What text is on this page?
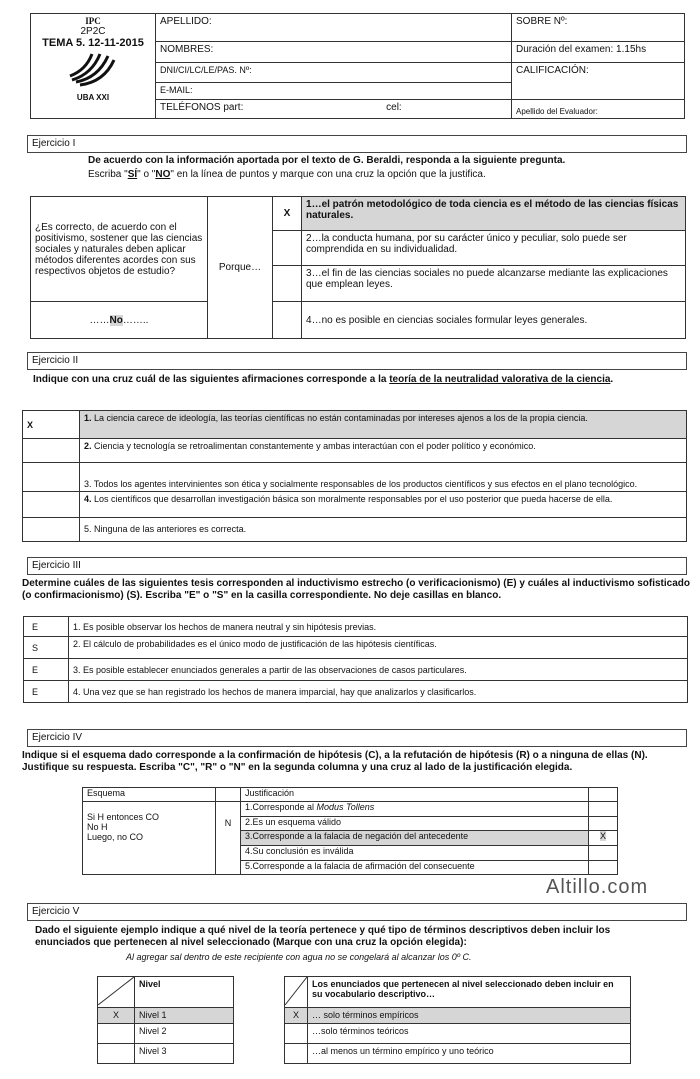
IPC
2P2C
TEMA 5. 12-11-2015
UBA XXI	APELLIDO:	SOBRE Nº:
	NOMBRES:	Duración del examen: 1.15hs
	DNI/CI/LC/LE/PAS. Nº:	CALIFICACIÓN:
	E-MAIL:	
	TELÉFONOS part: cel:	Apellido del Evaluador:
Ejercicio I
De acuerdo con la información aportada por el texto de G. Beraldi, responda a la siguiente pregunta.
Escriba "SÍ" o "NO" en la línea de puntos y marque con una cruz la opción que la justifica.
¿Es correcto, de acuerdo con el positivismo, sostener que las ciencias sociales y naturales deben aplicar métodos diferentes acordes con sus respectivos objetos de estudio?	Porque…	X	1…el patrón metodológico de toda ciencia es el método de las ciencias físicas naturales.
			2…la conducta humana, por su carácter único y peculiar, solo puede ser comprendida en su individualidad.
			3…el fin de las ciencias sociales no puede alcanzarse mediante las explicaciones que emplean leyes.
……No……..			4…no es posible en ciencias sociales formular leyes generales.
Ejercicio II
Indique con una cruz cuál de las siguientes afirmaciones corresponde a la teoría de la neutralidad valorativa de la ciencia.
X	1. La ciencia carece de ideología, las teorías científicas no están contaminadas por intereses ajenos a los de la propia ciencia.
	2. Ciencia y tecnología se retroalimentan constantemente y ambas interactúan con el poder político y económico.
	3. Todos los agentes intervinientes son ética y socialmente responsables de los productos científicos y sus efectos en el plano tecnológico.
	4. Los científicos que desarrollan investigación básica son moralmente responsables por el uso posterior que pueda hacerse de ella.
	5. Ninguna de las anteriores es correcta.
Ejercicio III
Determine cuáles de las siguientes tesis corresponden al inductivismo estrecho (o verificacionismo) (E) y cuáles al inductivismo sofisticado (o confirmacionismo) (S). Escriba "E" o "S" en la casilla correspondiente. No deje casillas en blanco.
E	1. Es posible observar los hechos de manera neutral y sin hipótesis previas.
S	2. El cálculo de probabilidades es el único modo de justificación de las hipótesis científicas.
E	3. Es posible establecer enunciados generales a partir de las observaciones de casos particulares.
E	4. Una vez que se han registrado los hechos de manera imparcial, hay que analizarlos y clasificarlos.
Ejercicio IV
Indique si el esquema dado corresponde a la confirmación de hipótesis (C), a la refutación de hipótesis (R) o a ninguna de ellas (N). Justifique su respuesta. Escriba "C", "R" o "N" en la segunda columna y una cruz al lado de la justificación elegida.
Esquema		Justificación	

Si H entonces CO
No H
Luego, no CO	N	1.Corresponde al Modus Tollens	
		2.Es un esquema válido	
		3.Corresponde a la falacia de negación del antecedente	X
		4.Su conclusión es inválida	
		5.Corresponde a la falacia de afirmación del consecuente	
Altillo.com
Ejercicio V
Dado el siguiente ejemplo indique a qué nivel de la teoría pertenece y qué tipo de términos descriptivos deben incluir los enunciados que pertenecen al nivel seleccionado (Marque con una cruz la opción elegida):
Al agregar sal dentro de este recipiente con agua no se congelará al alcanzar los 0º C.
	Nivel			Los enunciados que pertenecen al nivel seleccionado deben incluir en su vocabulario descriptivo…
X	Nivel 1		X	… solo términos empíricos
	Nivel 2			…solo términos teóricos
	Nivel 3			…al menos un término empírico y uno teórico
